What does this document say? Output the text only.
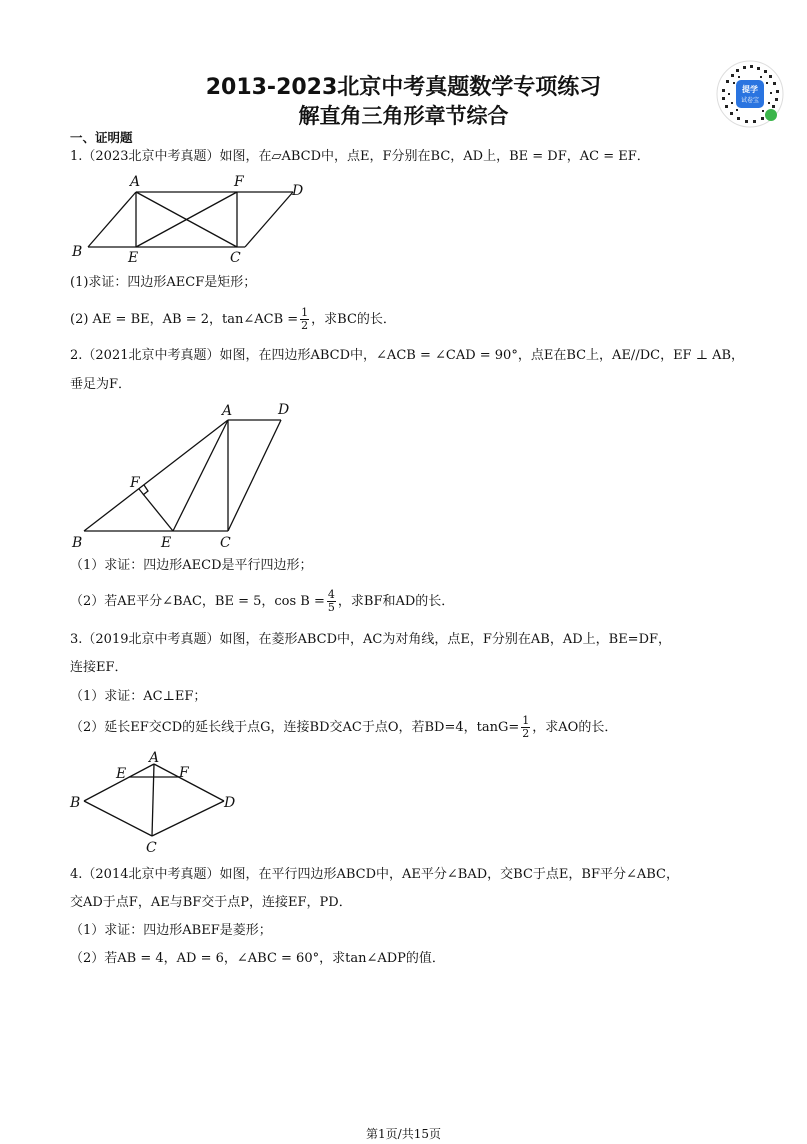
2013-2023北京中考真题数学专项练习
解直角三角形章节综合
提学
试卷宝
一、证明题
1.（2023北京中考真题）如图，在▱ABCD中，点E，F分别在BC，AD上，BE = DF，AC = EF．
A	F
D
B	E	C
(1)求证：四边形AECF是矩形；
(2) AE = BE，AB = 2，tan∠ACB = $\frac{1}{2}$ ，求BC的长．
2.（2021北京中考真题）如图，在四边形ABCD中，∠ACB = ∠CAD = 90°，点E在BC上，AE//DC，EF ⊥ AB，
垂足为F．
A	D
F
B	E	C
（1）求证：四边形AECD是平行四边形；
（2）若AE平分∠BAC，BE = 5，$\cos B = \frac{4}{5}$ ，求BF和AD的长．
3.（2019北京中考真题）如图，在菱形ABCD中，AC为对角线，点E，F分别在AB，AD上，BE=DF，
连接EF．
（1）求证：AC⊥EF；
（2）延长EF交CD的延长线于点G，连接BD交AC于点O，若BD=4，$\tan G= \frac{1}{2}$ ，求AO的长．
A
E	F
B	D
C
4.（2014北京中考真题）如图，在平行四边形ABCD中，AE平分∠BAD，交BC于点E，BF平分∠ABC，
交AD于点F，AE与BF交于点P，连接EF，PD．
（1）求证：四边形ABEF是菱形；
（2）若AB = 4，AD = 6，∠ABC = 60°，求tan∠ADP的值．
第1页/共15页
